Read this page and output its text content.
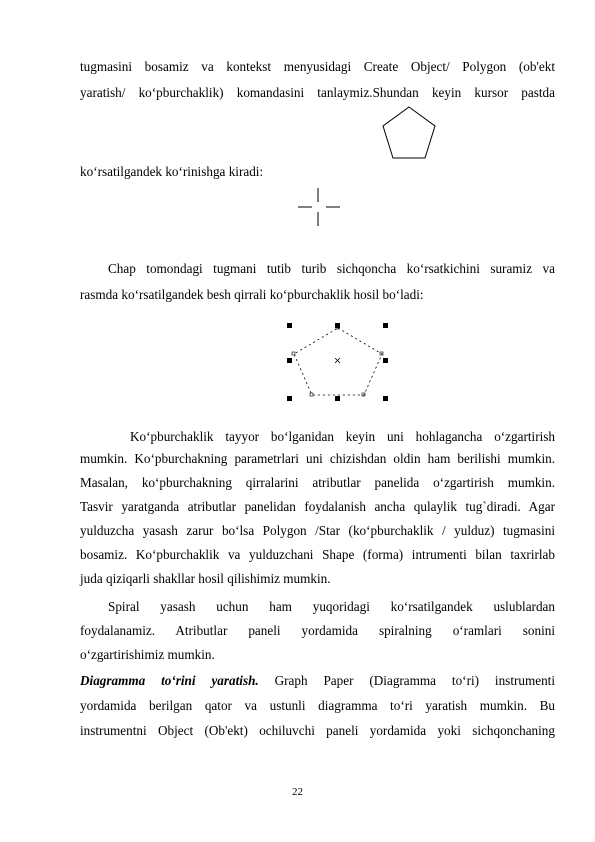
tugmasini bosamiz va kontekst menyusidagi Create Object/ Polygon (ob'ekt
yaratish/ ko‘pburchaklik) komandasini tanlaymiz.Shundan keyin kursor pastda
ko‘rsatilgandek ko‘rinishga kiradi:
Chap tomondagi tugmani tutib turib sichqoncha ko‘rsatkichini suramiz va
rasmda ko‘rsatilgandek besh qirrali ko‘pburchaklik hosil bo‘ladi:
Ko‘pburchaklik tayyor bo‘lganidan keyin uni hohlagancha o‘zgartirish
mumkin. Ko‘pburchakning parametrlari uni chizishdan oldin ham berilishi mumkin.
Masalan, ko‘pburchakning qirralarini atributlar panelida o‘zgartirish mumkin.
Tasvir yaratganda atributlar panelidan foydalanish ancha qulaylik tug`diradi. Agar
yulduzcha yasash zarur bo‘lsa Polygon /Star (ko‘pburchaklik / yulduz) tugmasini
bosamiz. Ko‘pburchaklik va yulduzchani Shape (forma) intrumenti bilan taxrirlab
juda qiziqarli shakllar hosil qilishimiz mumkin.
Spiral yasash uchun ham yuqoridagi ko‘rsatilgandek uslublardan
foydalanamiz. Atributlar paneli yordamida spiralning o‘ramlari sonini
o‘zgartirishimiz mumkin.
Diagramma to‘rini yaratish. Graph Paper (Diagramma to‘ri) instrumenti
yordamida berilgan qator va ustunli diagramma to‘ri yaratish mumkin. Bu
instrumentni Object (Ob'ekt) ochiluvchi paneli yordamida yoki sichqonchaning
22
